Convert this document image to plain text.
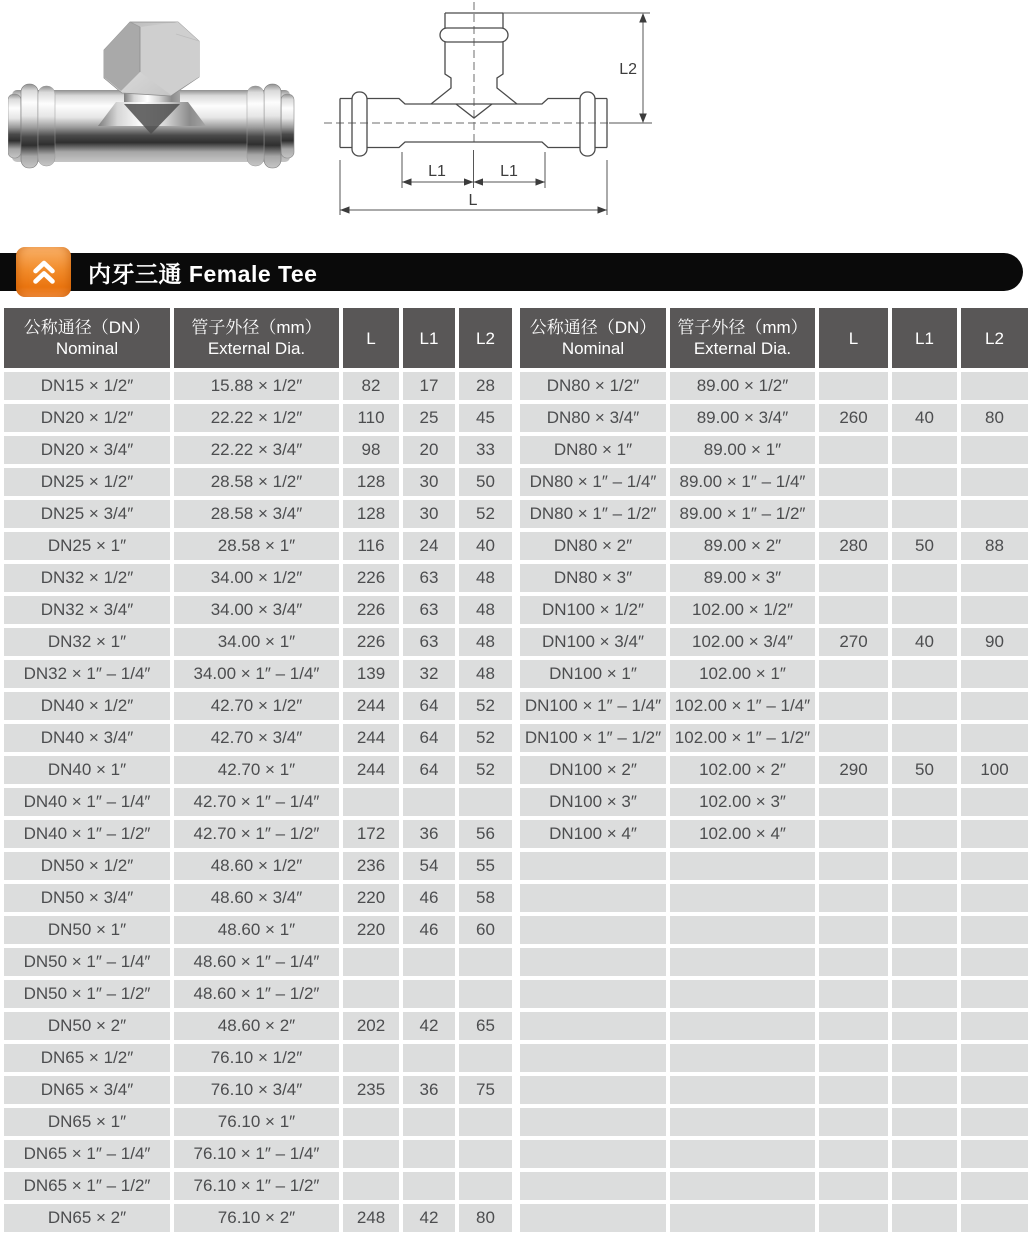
L2
L1	L1
L
内牙三通 Female Tee
公称通径（DN）
Nominal

管子外径（mm）
External Dia.
	L	L1	L2
DN15 × 1/2″	15.88 × 1/2″	82	17	28
DN20 × 1/2″	22.22 × 1/2″	110	25	45
DN20 × 3/4″	22.22 × 3/4″	98	20	33
DN25 × 1/2″	28.58 × 1/2″	128	30	50
DN25 × 3/4″	28.58 × 3/4″	128	30	52
DN25 × 1″	28.58 × 1″	116	24	40
DN32 × 1/2″	34.00 × 1/2″	226	63	48
DN32 × 3/4″	34.00 × 3/4″	226	63	48
DN32 × 1″	34.00 × 1″	226	63	48
DN32 × 1″ – 1/4″	34.00 × 1″ – 1/4″	139	32	48
DN40 × 1/2″	42.70 × 1/2″	244	64	52
DN40 × 3/4″	42.70 × 3/4″	244	64	52
DN40 × 1″	42.70 × 1″	244	64	52
DN40 × 1″ – 1/4″	42.70 × 1″ – 1/4″			
DN40 × 1″ – 1/2″	42.70 × 1″ – 1/2″	172	36	56
DN50 × 1/2″	48.60 × 1/2″	236	54	55
DN50 × 3/4″	48.60 × 3/4″	220	46	58
DN50 × 1″	48.60 × 1″	220	46	60
DN50 × 1″ – 1/4″	48.60 × 1″ – 1/4″			
DN50 × 1″ – 1/2″	48.60 × 1″ – 1/2″			
DN50 × 2″	48.60 × 2″	202	42	65
DN65 × 1/2″	76.10 × 1/2″			
DN65 × 3/4″	76.10 × 3/4″	235	36	75
DN65 × 1″	76.10 × 1″			
DN65 × 1″ – 1/4″	76.10 × 1″ – 1/4″			
DN65 × 1″ – 1/2″	76.10 × 1″ – 1/2″			
DN65 × 2″	76.10 × 2″	248	42	80
公称通径（DN）
Nominal

管子外径（mm）
External Dia.
	L	L1	L2
DN80 × 1/2″	89.00 × 1/2″			
DN80 × 3/4″	89.00 × 3/4″	260	40	80
DN80 × 1″	89.00 × 1″			
DN80 × 1″ – 1/4″	89.00 × 1″ – 1/4″			
DN80 × 1″ – 1/2″	89.00 × 1″ – 1/2″			
DN80 × 2″	89.00 × 2″	280	50	88
DN80 × 3″	89.00 × 3″			
DN100 × 1/2″	102.00 × 1/2″			
DN100 × 3/4″	102.00 × 3/4″	270	40	90
DN100 × 1″	102.00 × 1″			
DN100 × 1″ – 1/4″	102.00 × 1″ – 1/4″			
DN100 × 1″ – 1/2″	102.00 × 1″ – 1/2″			
DN100 × 2″	102.00 × 2″	290	50	100
DN100 × 3″	102.00 × 3″			
DN100 × 4″	102.00 × 4″			
